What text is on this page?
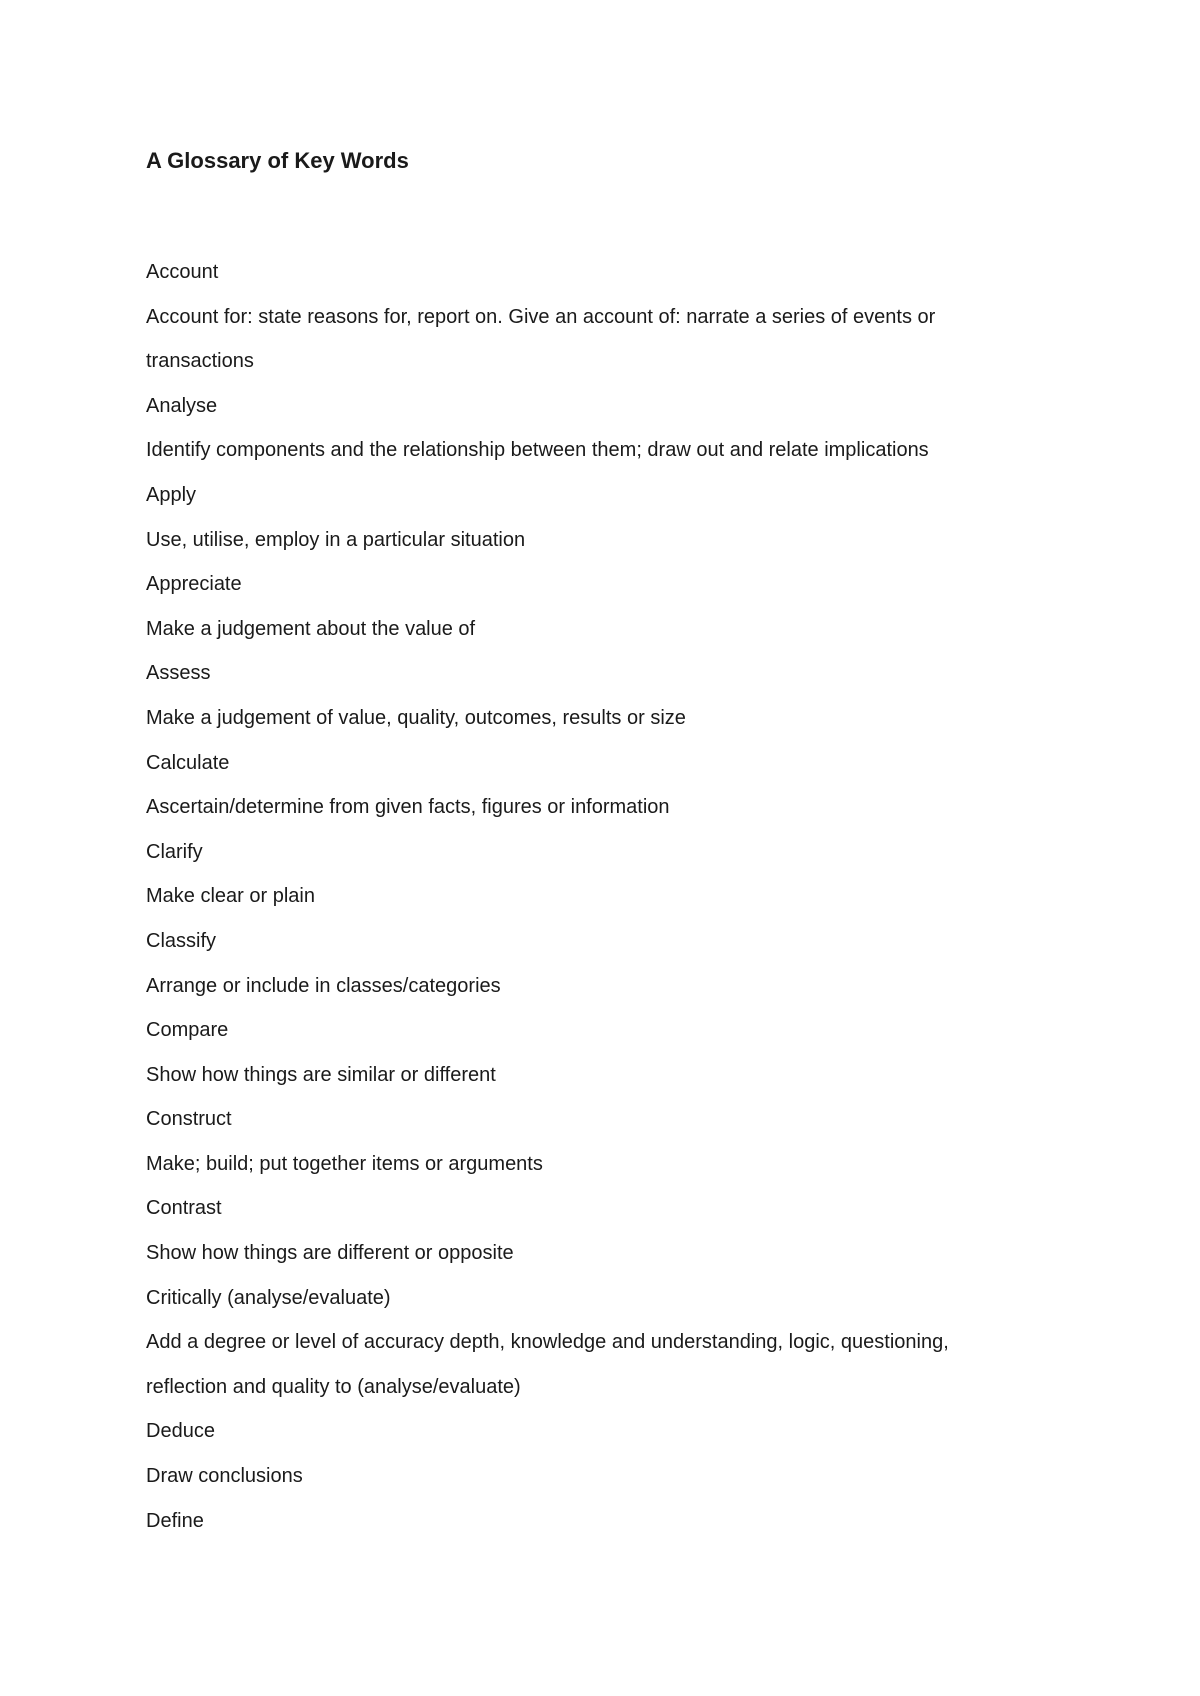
A Glossary of Key Words
Account
Account for: state reasons for, report on. Give an account of: narrate a series of events or
transactions
Analyse
Identify components and the relationship between them; draw out and relate implications
Apply
Use, utilise, employ in a particular situation
Appreciate
Make a judgement about the value of
Assess
Make a judgement of value, quality, outcomes, results or size
Calculate
Ascertain/determine from given facts, figures or information
Clarify
Make clear or plain
Classify
Arrange or include in classes/categories
Compare
Show how things are similar or different
Construct
Make; build; put together items or arguments
Contrast
Show how things are different or opposite
Critically (analyse/evaluate)
Add a degree or level of accuracy depth, knowledge and understanding, logic, questioning,
reflection and quality to (analyse/evaluate)
Deduce
Draw conclusions
Define
